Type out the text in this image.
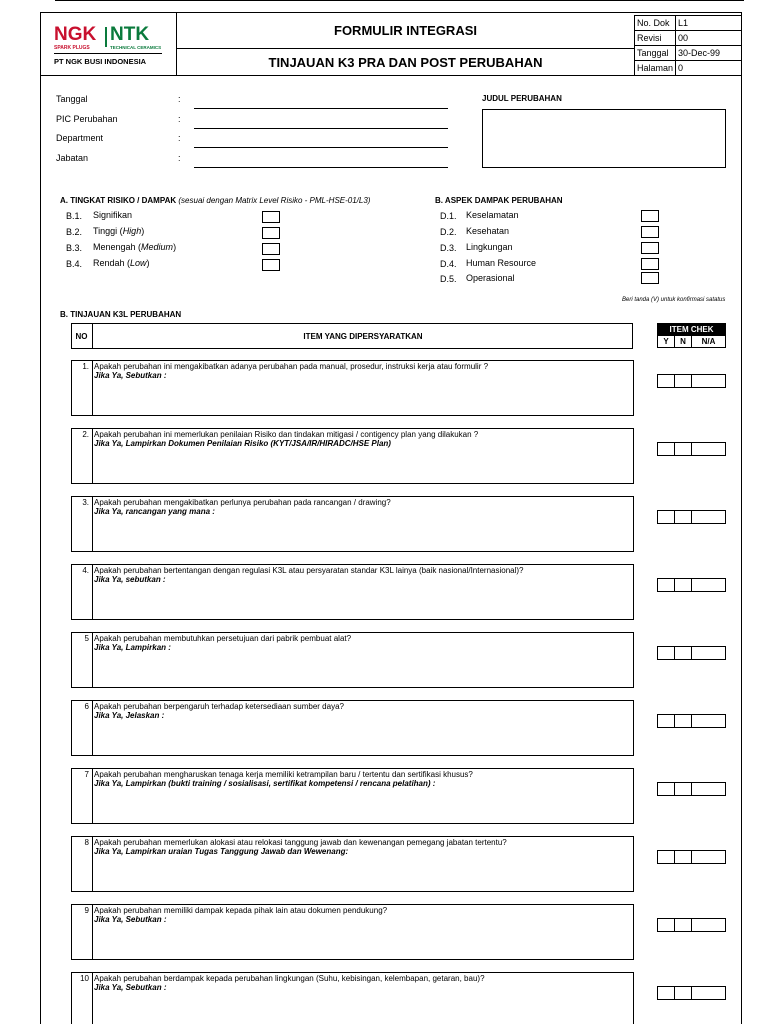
NGK NTK
SPARK PLUGS	TECHNICAL CERAMICS
PT NGK BUSI INDONESIA
FORMULIR INTEGRASI
TINJAUAN K3 PRA DAN POST PERUBAHAN
No. Dok	L1
Revisi	00
Tanggal	30-Dec-99
Halaman	0
Tanggal	:
PIC Perubahan	:
Department	:
Jabatan	:
JUDUL PERUBAHAN
A. TINGKAT RISIKO / DAMPAK (sesuai dengan Matrix Level Risiko - PML-HSE-01/L3)
B.1. Signifikan
B.2. Tinggi (High)
B.3. Menengah (Medium)
B.4. Rendah (Low)
B. ASPEK DAMPAK PERUBAHAN
D.1. Keselamatan
D.2. Kesehatan
D.3. Lingkungan
D.4. Human Resource
D.5. Operasional
Beri tanda (V) untuk konfirmasi satatus
B. TINJAUAN K3L PERUBAHAN
NO	ITEM YANG DIPERSYARATKAN
ITEM CHEK
Y	N	N/A
1. Apakah perubahan ini mengakibatkan adanya perubahan pada manual, prosedur, instruksi kerja atau formulir ?
Jika Ya, Sebutkan :
2. Apakah perubahan ini memerlukan penilaian Risiko dan tindakan mitigasi / contigency plan yang dilakukan ?
Jika Ya, Lampirkan Dokumen Penilaian Risiko (KYT/JSA/IR/HIRADC/HSE Plan)
3. Apakah perubahan mengakibatkan perlunya perubahan pada rancangan / drawing?
Jika Ya, rancangan yang mana :
4. Apakah perubahan bertentangan dengan regulasi K3L atau persyaratan standar K3L lainya (baik nasional/Internasional)?
Jika Ya, sebutkan :
5 Apakah perubahan membutuhkan persetujuan dari pabrik pembuat alat?
Jika Ya, Lampirkan :
6 Apakah perubahan berpengaruh terhadap ketersediaan sumber daya?
Jika Ya, Jelaskan :
7 Apakah perubahan mengharuskan tenaga kerja memiliki ketrampilan baru / tertentu dan sertifikasi khusus?
Jika Ya, Lampirkan (bukti training / sosialisasi, sertifikat kompetensi / rencana pelatihan) :
8 Apakah perubahan memerlukan alokasi atau relokasi tanggung jawab dan kewenangan pemegang jabatan tertentu?
Jika Ya, Lampirkan uraian Tugas Tanggung Jawab dan Wewenang:
9 Apakah perubahan memiliki dampak kepada pihak lain atau dokumen pendukung?
Jika Ya, Sebutkan :
10 Apakah perubahan berdampak kepada perubahan lingkungan (Suhu, kebisingan, kelembapan, getaran, bau)?
Jika Ya, Sebutkan :
